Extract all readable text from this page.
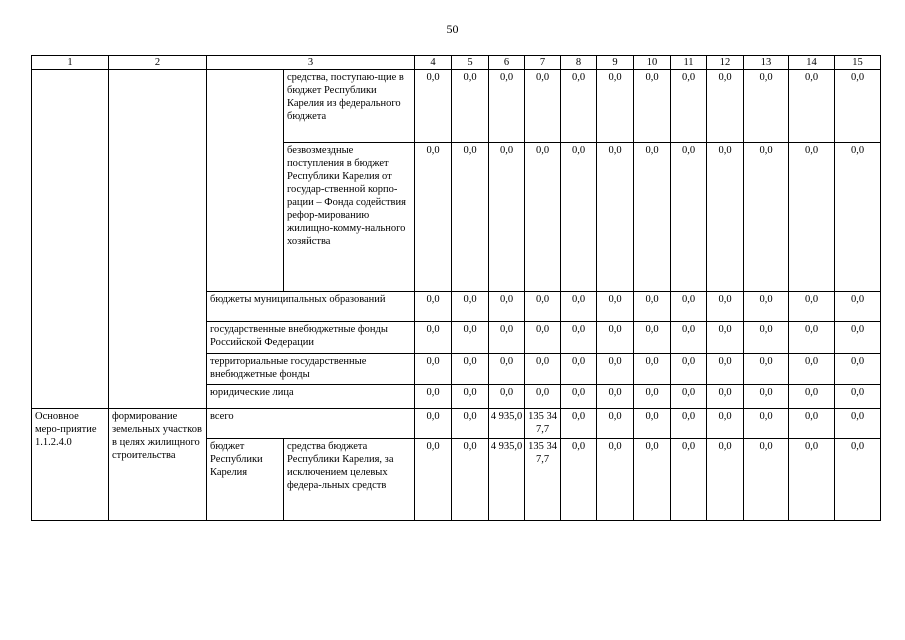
50
1	2	3		4	5	6	7	8	9	10	11	12	13	14	15
			средства, поступаю-щие в бюджет Республики Карелия из федерального бюджета	0,0	0,0	0,0	0,0	0,0	0,0	0,0	0,0	0,0	0,0	0,0	0,0
			безвозмездные поступления в бюджет Республики Карелия от государ-ственной корпо-рации – Фонда содействия рефор-мированию жилищно-комму-нального хозяйства	0,0	0,0	0,0	0,0	0,0	0,0	0,0	0,0	0,0	0,0	0,0	0,0
		бюджеты муниципальных образований		0,0	0,0	0,0	0,0	0,0	0,0	0,0	0,0	0,0	0,0	0,0	0,0
		государственные внебюджетные фонды Российской Федерации		0,0	0,0	0,0	0,0	0,0	0,0	0,0	0,0	0,0	0,0	0,0	0,0
		территориальные государственные внебюджетные фонды		0,0	0,0	0,0	0,0	0,0	0,0	0,0	0,0	0,0	0,0	0,0	0,0
		юридические лица		0,0	0,0	0,0	0,0	0,0	0,0	0,0	0,0	0,0	0,0	0,0	0,0
Основное меро-приятие 1.1.2.4.0	формирование земельных участков в целях жилищного строительства	всего		0,0	0,0	4 935,0	135 347,7	0,0	0,0	0,0	0,0	0,0	0,0	0,0	0,0
		бюджет Республики Карелия	средства бюджета Республики Карелия, за исключением целевых федера-льных средств	0,0	0,0	4 935,0	135 347,7	0,0	0,0	0,0	0,0	0,0	0,0	0,0	0,0
